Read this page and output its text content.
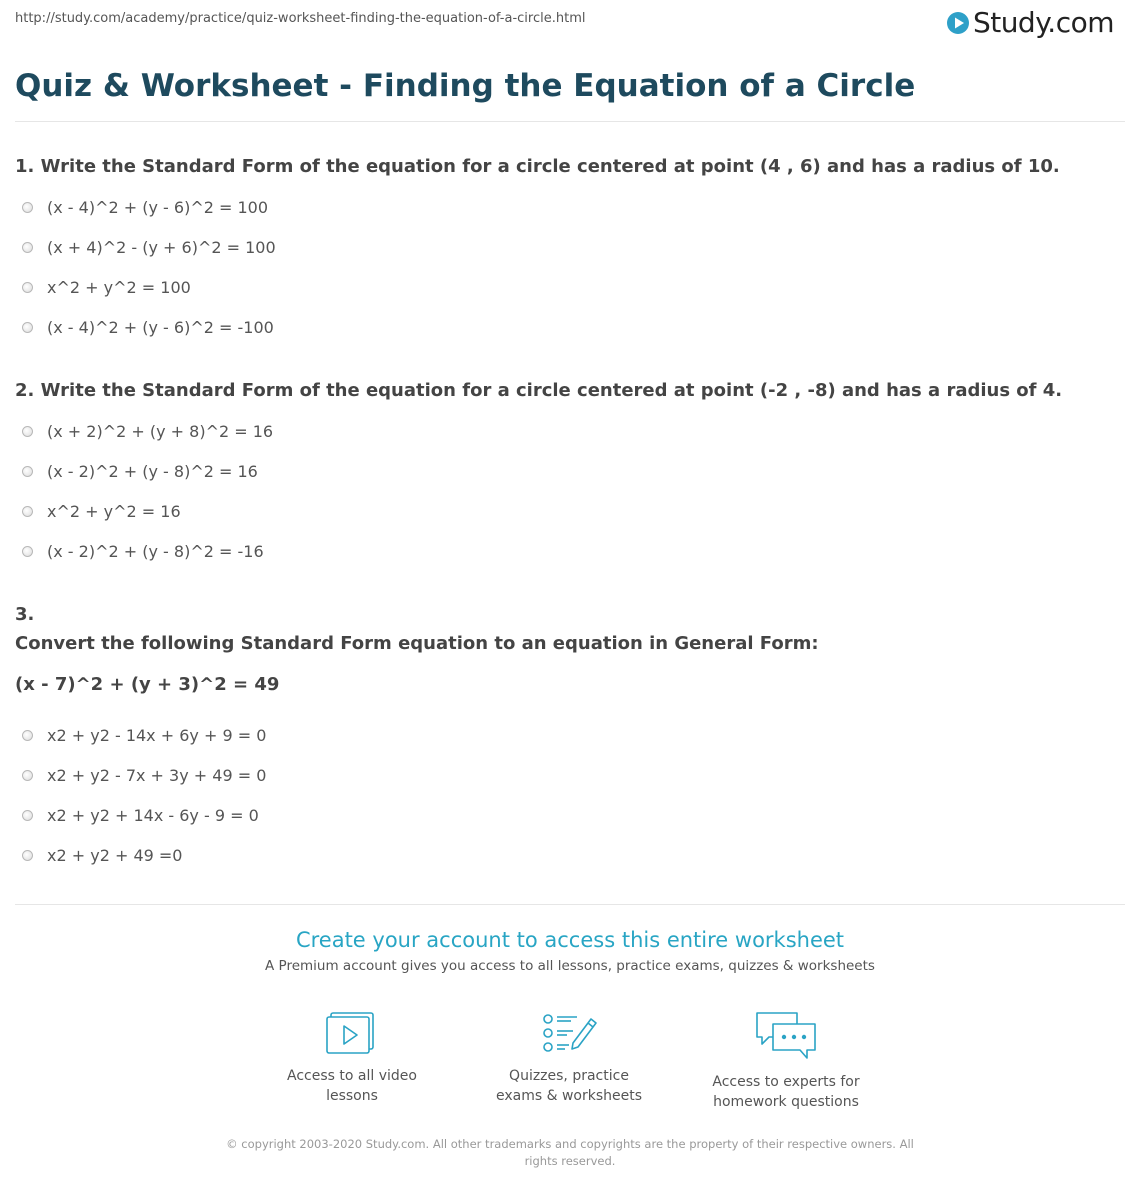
http://study.com/academy/practice/quiz-worksheet-finding-the-equation-of-a-circle.html	Study.com
Quiz & Worksheet - Finding the Equation of a Circle

1. Write the Standard Form of the equation for a circle centered at point (4 , 6) and has a radius of 10.

(x - 4)^2 + (y - 6)^2 = 100
(x + 4)^2 - (y + 6)^2 = 100
x^2 + y^2 = 100
(x - 4)^2 + (y - 6)^2 = -100

2. Write the Standard Form of the equation for a circle centered at point (-2 , -8) and has a radius of 4.

(x + 2)^2 + (y + 8)^2 = 16
(x - 2)^2 + (y - 8)^2 = 16
x^2 + y^2 = 16
(x - 2)^2 + (y - 8)^2 = -16

3.

Convert the following Standard Form equation to an equation in General Form:

(x - 7)^2 + (y + 3)^2 = 49

x2 + y2 - 14x + 6y + 9 = 0
x2 + y2 - 7x + 3y + 49 = 0
x2 + y2 + 14x - 6y - 9 = 0
x2 + y2 + 49 =0
Create your account to access this entire worksheet
A Premium account gives you access to all lessons, practice exams, quizzes & worksheets
Access to all video lessons
Quizzes, practice exams & worksheets
Access to experts for homework questions
© copyright 2003-2020 Study.com. All other trademarks and copyrights are the property of their respective owners. All rights reserved.
